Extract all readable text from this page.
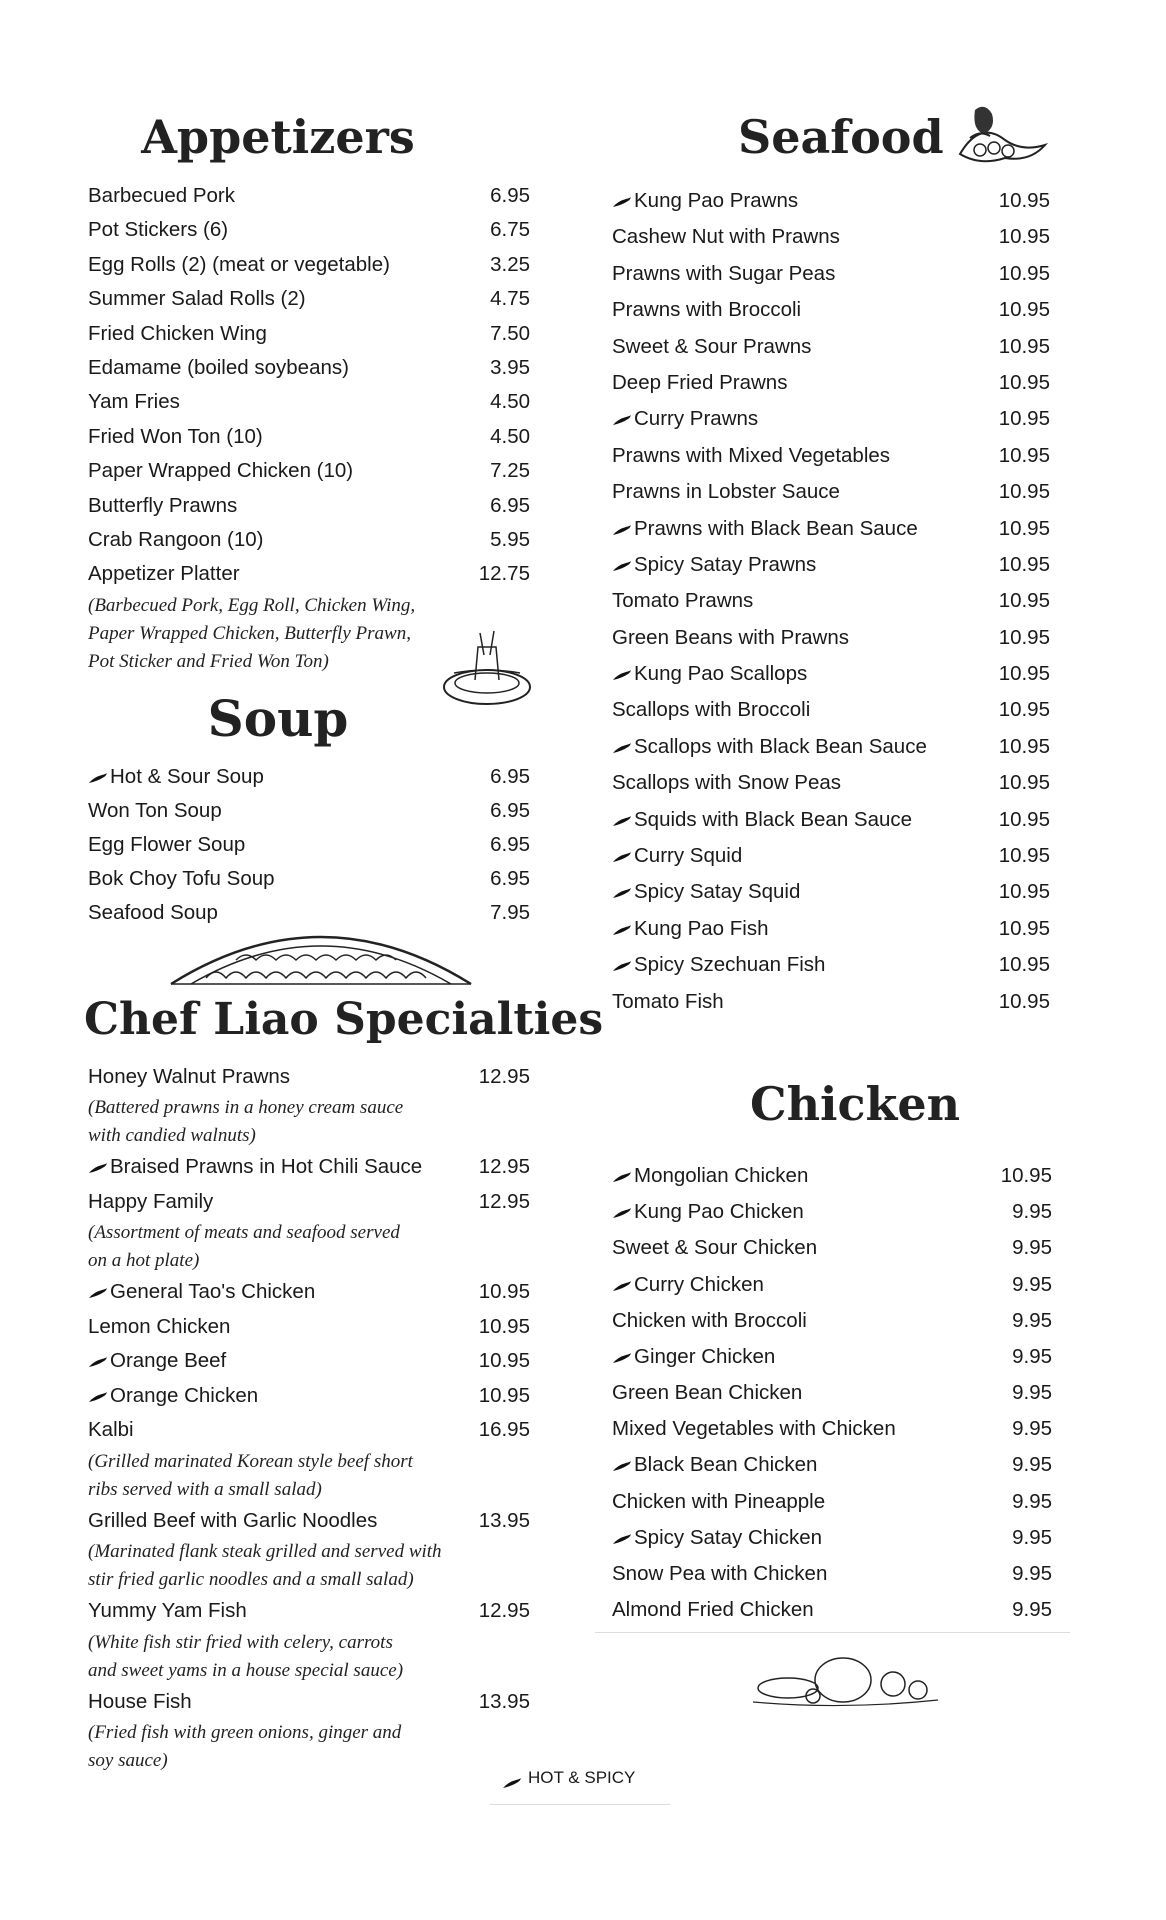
Appetizers
Barbecued Pork	6.95
Pot Stickers (6)	6.75
Egg Rolls (2) (meat or vegetable)	3.25
Summer Salad Rolls (2)	4.75
Fried Chicken Wing	7.50
Edamame (boiled soybeans)	3.95
Yam Fries	4.50
Fried Won Ton (10)	4.50
Paper Wrapped Chicken (10)	7.25
Butterfly Prawns	6.95
Crab Rangoon (10)	5.95
Appetizer Platter	12.75
(Barbecued Pork, Egg Roll, Chicken Wing,
Paper Wrapped Chicken, Butterfly Prawn,
Pot Sticker and Fried Won Ton)
Soup
Hot & Sour Soup	6.95
Won Ton Soup	6.95
Egg Flower Soup	6.95
Bok Choy Tofu Soup	6.95
Seafood Soup	7.95
Chef Liao Specialties
Honey Walnut Prawns	12.95
(Battered prawns in a honey cream sauce
with candied walnuts)
Braised Prawns in Hot Chili Sauce	12.95
Happy Family	12.95
(Assortment of meats and seafood served
on a hot plate)
General Tao's Chicken	10.95
Lemon Chicken	10.95
Orange Beef	10.95
Orange Chicken	10.95
Kalbi	16.95
(Grilled marinated Korean style beef short
ribs served with a small salad)
Grilled Beef with Garlic Noodles	13.95
(Marinated flank steak grilled and served with
stir fried garlic noodles and a small salad)
Yummy Yam Fish	12.95
(White fish stir fried with celery, carrots
and sweet yams in a house special sauce)
House Fish	13.95
(Fried fish with green onions, ginger and
soy sauce)
Seafood
Kung Pao Prawns	10.95
Cashew Nut with Prawns	10.95
Prawns with Sugar Peas	10.95
Prawns with Broccoli	10.95
Sweet & Sour Prawns	10.95
Deep Fried Prawns	10.95
Curry Prawns	10.95
Prawns with Mixed Vegetables	10.95
Prawns in Lobster Sauce	10.95
Prawns with Black Bean Sauce	10.95
Spicy Satay Prawns	10.95
Tomato Prawns	10.95
Green Beans with Prawns	10.95
Kung Pao Scallops	10.95
Scallops with Broccoli	10.95
Scallops with Black Bean Sauce	10.95
Scallops with Snow Peas	10.95
Squids with Black Bean Sauce	10.95
Curry Squid	10.95
Spicy Satay Squid	10.95
Kung Pao Fish	10.95
Spicy Szechuan Fish	10.95
Tomato Fish	10.95
Chicken
Mongolian Chicken	10.95
Kung Pao Chicken	9.95
Sweet & Sour Chicken	9.95
Curry Chicken	9.95
Chicken with Broccoli	9.95
Ginger Chicken	9.95
Green Bean Chicken	9.95
Mixed Vegetables with Chicken	9.95
Black Bean Chicken	9.95
Chicken with Pineapple	9.95
Spicy Satay Chicken	9.95
Snow Pea with Chicken	9.95
Almond Fried Chicken	9.95
HOT & SPICY
